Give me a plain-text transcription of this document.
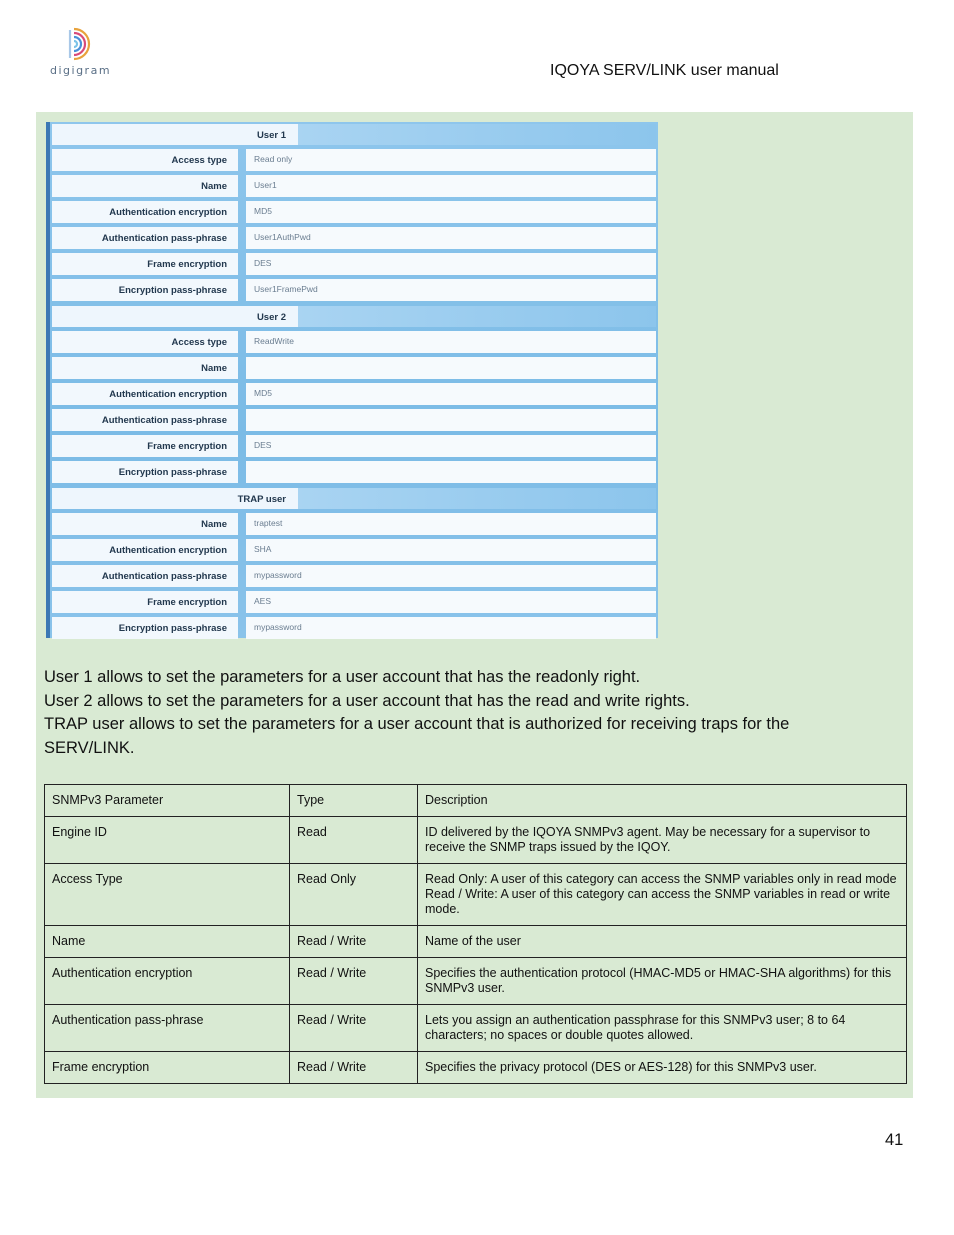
digigram	IQOYA SERV/LINK user manual
User 1
Access type	Read only
Name	User1
Authentication encryption	MD5
Authentication pass-phrase	User1AuthPwd
Frame encryption	DES
Encryption pass-phrase	User1FramePwd
User 2
Access type	ReadWrite
Name
Authentication encryption	MD5
Authentication pass-phrase
Frame encryption	DES
Encryption pass-phrase
TRAP user
Name	traptest
Authentication encryption	SHA
Authentication pass-phrase	mypassword
Frame encryption	AES
Encryption pass-phrase	mypassword
User 1 allows to set the parameters for a user account that has the readonly right.
User 2 allows to set the parameters for a user account that has the read and write rights.
TRAP user allows to set the parameters for a user account that is authorized for receiving traps for the SERV/LINK.
SNMPv3 Parameter	Type	Description
Engine ID	Read	ID delivered by the IQOYA SNMPv3 agent. May be necessary for a supervisor to receive the SNMP traps issued by the IQOY.
Access Type	Read Only	Read Only: A user of this category can access the SNMP variables only in read mode Read / Write: A user of this category can access the SNMP variables in read or write mode.
Name	Read / Write	Name of the user
Authentication encryption	Read / Write	Specifies the authentication protocol (HMAC-MD5 or HMAC-SHA algorithms) for this SNMPv3 user.
Authentication pass-phrase	Read / Write	Lets you assign an authentication passphrase for this SNMPv3 user; 8 to 64 characters; no spaces or double quotes allowed.
Frame encryption	Read / Write	Specifies the privacy protocol (DES or AES-128) for this SNMPv3 user.
41
